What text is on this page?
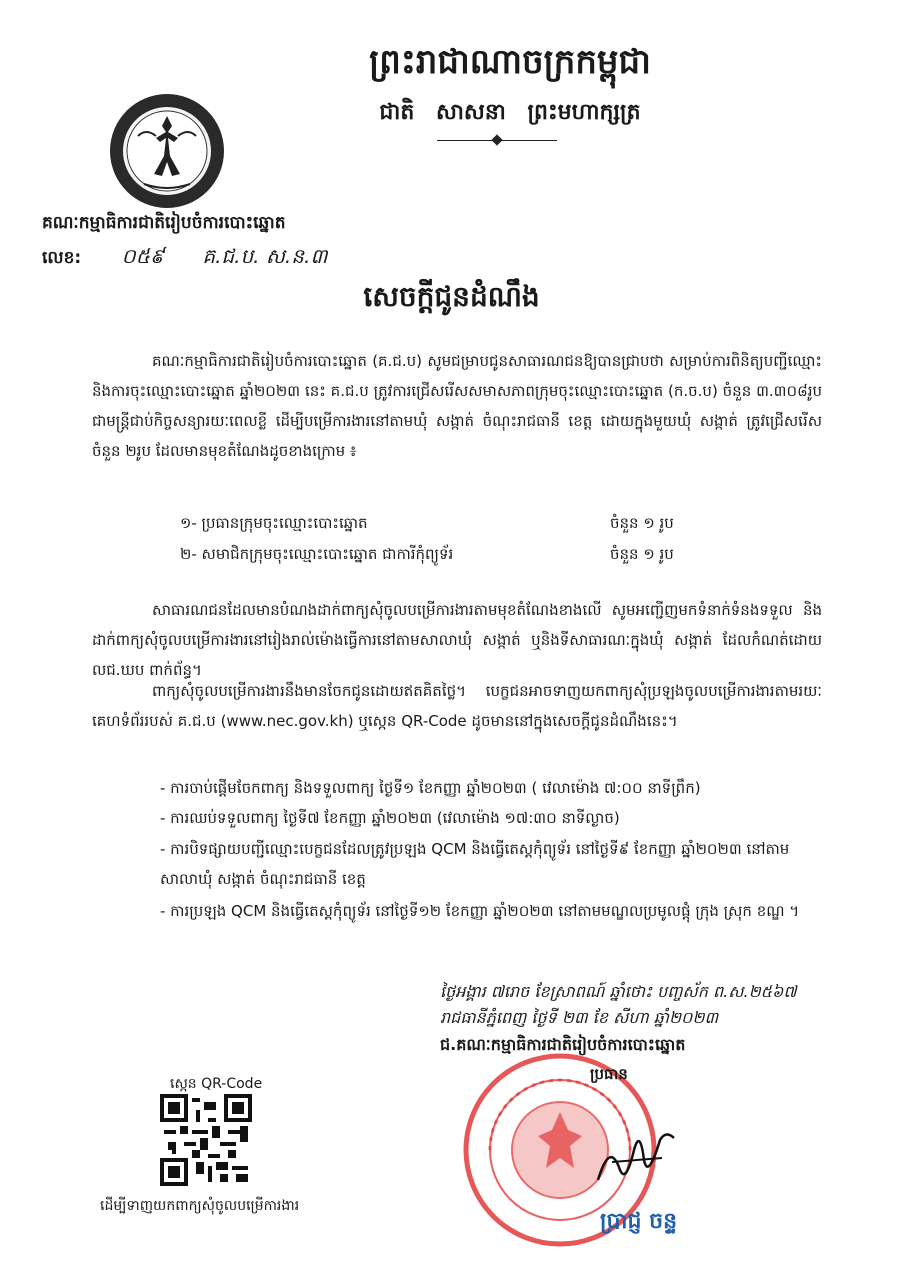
ព្រះរាជាណាចក្រកម្ពុជា
ជាតិ សាសនា ព្រះមហាក្សត្រ
គណៈកម្មាធិការជាតិរៀបចំការបោះឆ្នោត
លេខ: ០៥៩ គ.ជ.ប. ស.ន.៣
សេចក្ដីជូនដំណឹង
គណៈកម្មាធិការជាតិរៀបចំការបោះឆ្នោត (គ.ជ.ប) សូមជម្រាបជូនសាធារណជនឱ្យបានជ្រាបថា សម្រាប់ការពិនិត្យបញ្ជីឈ្មោះ និងការចុះឈ្មោះបោះឆ្នោត ឆ្នាំ២០២៣ នេះ គ.ជ.ប ត្រូវការជ្រើសរើសសមាសភាពក្រុមចុះឈ្មោះបោះឆ្នោត (ក.ច.ប) ចំនួន ៣.៣០៨រូប ជាមន្ត្រីជាប់កិច្ចសន្យារយៈពេលខ្លី ដើម្បីបម្រើការងារនៅតាមឃុំ សង្កាត់ ចំណុះរាជធានី ខេត្ត ដោយក្នុងមួយឃុំ សង្កាត់ ត្រូវជ្រើសរើសចំនួន ២រូប ដែលមានមុខតំណែងដូចខាងក្រោម ៖
១- ប្រធានក្រុមចុះឈ្មោះបោះឆ្នោត	ចំនួន ១ រូប
២- សមាជិកក្រុមចុះឈ្មោះបោះឆ្នោត ជាការីកុំព្យូទ័រ	ចំនួន ១ រូប
សាធារណជនដែលមានបំណងដាក់ពាក្យសុំចូលបម្រើការងារតាមមុខតំណែងខាងលើ សូមអញ្ជើញមកទំនាក់ទំនងទទួល និងដាក់ពាក្យសុំចូលបម្រើការងារនៅរៀងរាល់ម៉ោងធ្វើការនៅតាមសាលាឃុំ សង្កាត់ ឬនិងទីសាធារណៈក្នុងឃុំ សង្កាត់ ដែលកំណត់ដោយ លជ.ឃប ពាក់ព័ន្ធ។
ពាក្យសុំចូលបម្រើការងារនឹងមានចែកជូនដោយឥតគិតថ្លៃ។ បេក្ខជនអាចទាញយកពាក្យសុំប្រឡងចូលបម្រើការងារតាមរយៈគេហទំព័ររបស់ គ.ជ.ប (www.nec.gov.kh) ឬស្កេន QR-Code ដូចមាននៅក្នុងសេចក្ដីជូនដំណឹងនេះ។
- ការចាប់ផ្ដើមចែកពាក្យ និងទទួលពាក្យ ថ្ងៃទី១ ខែកញ្ញា ឆ្នាំ២០២៣ ( វេលាម៉ោង ៧:០០ នាទីព្រឹក)
- ការឈប់ទទួលពាក្យ ថ្ងៃទី៧ ខែកញ្ញា ឆ្នាំ២០២៣ (វេលាម៉ោង ១៧:៣០ នាទីល្ងាច)
- ការបិទផ្សាយបញ្ជីឈ្មោះបេក្ខជនដែលត្រូវប្រឡង QCM និងធ្វើតេស្ដកុំព្យូទ័រ នៅថ្ងៃទី៩ ខែកញ្ញា ឆ្នាំ២០២៣ នៅតាមសាលាឃុំ សង្កាត់ ចំណុះរាជធានី ខេត្ត
- ការប្រឡង QCM និងធ្វើតេស្ដកុំព្យូទ័រ នៅថ្ងៃទី១២ ខែកញ្ញា ឆ្នាំ២០២៣ នៅតាមមណ្ឌលប្រមូលផ្ដុំ ក្រុង ស្រុក ខណ្ឌ ។
ថ្ងៃអង្គារ ៧រោច ខែស្រាពណ៍ ឆ្នាំថោះ បញ្ចស័ក ព.ស.២៥៦៧
រាជធានីភ្នំពេញ ថ្ងៃទី ២៣ ខែ សីហា ឆ្នាំ២០២៣
ជ.គណៈកម្មាធិការជាតិរៀបចំការបោះឆ្នោត
ប្រធាន
ប្រាជ្ញ ចន្ទ
ស្កេន QR-Code
ដើម្បីទាញយកពាក្យសុំចូលបម្រើការងារ
